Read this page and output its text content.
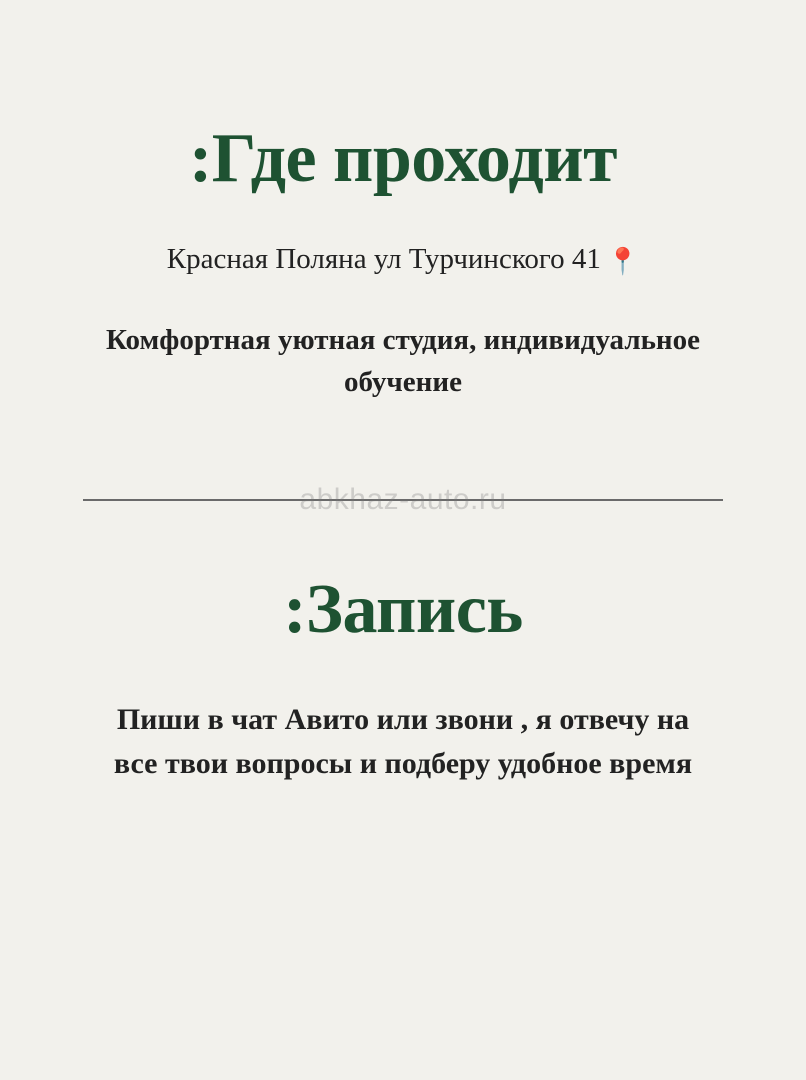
:Где проходит
Красная Поляна ул Турчинского 41 📍
Комфортная уютная студия, индивидуальное обучение
abkhaz-auto.ru
:Запись
Пиши в чат Авито или звони , я отвечу на все твои вопросы и подберу удобное время
